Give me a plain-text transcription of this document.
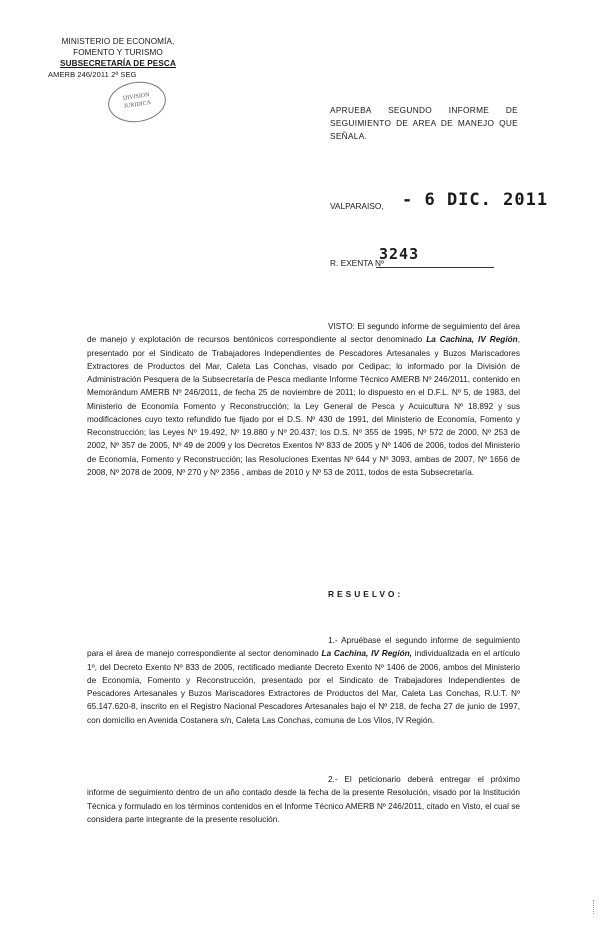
MINISTERIO DE ECONOMÍA,
FOMENTO Y TURISMO
SUBSECRETARÍA DE PESCA
AMERB 246/2011 2ª SEG
DIVISION
JURIDICA
APRUEBA SEGUNDO INFORME DE SEGUIMIENTO DE AREA DE MANEJO QUE SEÑALA.
VALPARAISO, - 6 DIC. 2011
R. EXENTA Nº
3243
VISTO: El segundo informe de seguimiento del área de manejo y explotación de recursos bentónicos correspondiente al sector denominado La Cachina, IV Región, presentado por el Sindicato de Trabajadores Independientes de Pescadores Artesanales y Buzos Mariscadores Extractores de Productos del Mar, Caleta Las Conchas, visado por Cedipac; lo informado por la División de Administración Pesquera de la Subsecretaría de Pesca mediante Informe Técnico AMERB Nº 246/2011, contenido en Memorándum AMERB Nº 246/2011, de fecha 25 de noviembre de 2011; lo dispuesto en el D.F.L. Nº 5, de 1983, del Ministerio de Economía Fomento y Reconstrucción; la Ley General de Pesca y Acuicultura Nº 18.892 y sus modificaciones cuyo texto refundido fue fijado por el D.S. Nº 430 de 1991, del Ministerio de Economía, Fomento y Reconstrucción; las Leyes Nº 19.492, Nº 19.880 y Nº 20.437; los D.S. Nº 355 de 1995, Nº 572 de 2000, Nº 253 de 2002, Nº 357 de 2005, Nº 49 de 2009 y los Decretos Exentos Nº 833 de 2005 y Nº 1406 de 2006, todos del Ministerio de Economía, Fomento y Reconstrucción; las Resoluciones Exentas Nº 644 y Nº 3093, ambas de 2007, Nº 1656 de 2008, Nº 2078 de 2009, Nº 270 y Nº 2356 , ambas de 2010 y Nº 53 de 2011, todos de esta Subsecretaría.
RESUELVO:
1.- Apruébase el segundo informe de seguimiento para el área de manejo correspondiente al sector denominado La Cachina, IV Región, individualizada en el artículo 1º, del Decreto Exento Nº 833 de 2005, rectificado mediante Decreto Exento Nº 1406 de 2006, ambos del Ministerio de Economía, Fomento y Reconstrucción, presentado por el Sindicato de Trabajadores Independientes de Pescadores Artesanales y Buzos Mariscadores Extractores de Productos del Mar, Caleta Las Conchas, R.U.T. Nº 65.147.620-8, inscrito en el Registro Nacional Pescadores Artesanales bajo el Nº 218, de fecha 27 de junio de 1997, con domicilio en Avenida Costanera s/n, Caleta Las Conchas, comuna de Los Vilos, IV Región.
2.- El peticionario deberá entregar el próximo informe de seguimiento dentro de un año contado desde la fecha de la presente Resolución, visado por la Institución Técnica y formulado en los términos contenidos en el Informe Técnico AMERB Nº 246/2011, citado en Visto, el cual se considera parte integrante de la presente resolución.
